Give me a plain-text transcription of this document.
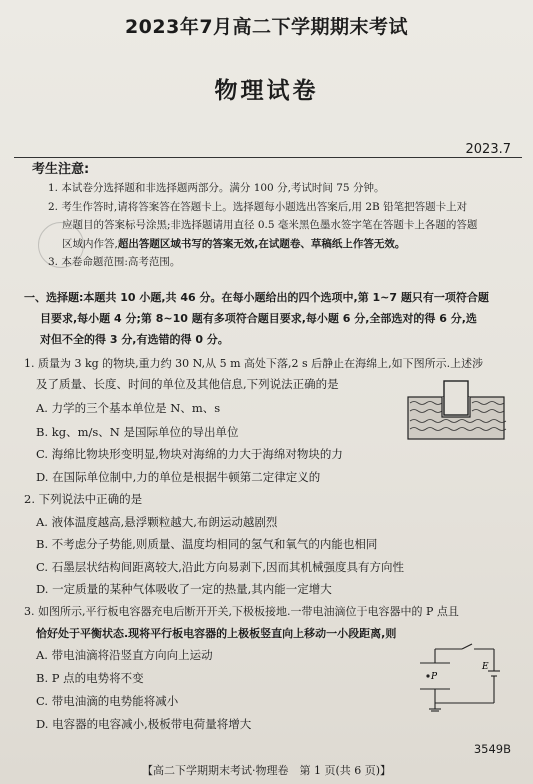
2023年7月高二下学期期末考试
物理试卷
2023.7
考生注意:
1. 本试卷分选择题和非选择题两部分。满分 100 分,考试时间 75 分钟。
2. 考生作答时,请将答案答在答题卡上。选择题每小题选出答案后,用 2B 铅笔把答题卡上对
应题目的答案标号涂黑;非选择题请用直径 0.5 毫米黑色墨水签字笔在答题卡上各题的答题
区域内作答,超出答题区域书写的答案无效,在试题卷、草稿纸上作答无效。
3. 本卷命题范围:高考范围。
一、选择题:本题共 10 小题,共 46 分。在每小题给出的四个选项中,第 1~7 题只有一项符合题
目要求,每小题 4 分;第 8~10 题有多项符合题目要求,每小题 6 分,全部选对的得 6 分,选
对但不全的得 3 分,有选错的得 0 分。
1. 质量为 3 kg 的物块,重力约 30 N,从 5 m 高处下落,2 s 后静止在海绵上,如下图所示.上述涉
及了质量、长度、时间的单位及其他信息,下列说法正确的是
A. 力学的三个基本单位是 N、m、s
B. kg、m/s、N 是国际单位的导出单位
C. 海绵比物块形变明显,物块对海绵的力大于海绵对物块的力
D. 在国际单位制中,力的单位是根据牛顿第二定律定义的
2. 下列说法中正确的是
A. 液体温度越高,悬浮颗粒越大,布朗运动越剧烈
B. 不考虑分子势能,则质量、温度均相同的氢气和氧气的内能也相同
C. 石墨层状结构间距离较大,沿此方向易剥下,因而其机械强度具有方向性
D. 一定质量的某种气体吸收了一定的热量,其内能一定增大
3. 如图所示,平行板电容器充电后断开开关,下极板接地.一带电油滴位于电容器中的 P 点且
恰好处于平衡状态.现将平行板电容器的上极板竖直向上移动一小段距离,则
A. 带电油滴将沿竖直方向向上运动
B. P 点的电势将不变
C. 带电油滴的电势能将减小
D. 电容器的电容减小,极板带电荷量将增大
P
E
3549B
【高二下学期期末考试·物理卷　第 1 页(共 6 页)】
